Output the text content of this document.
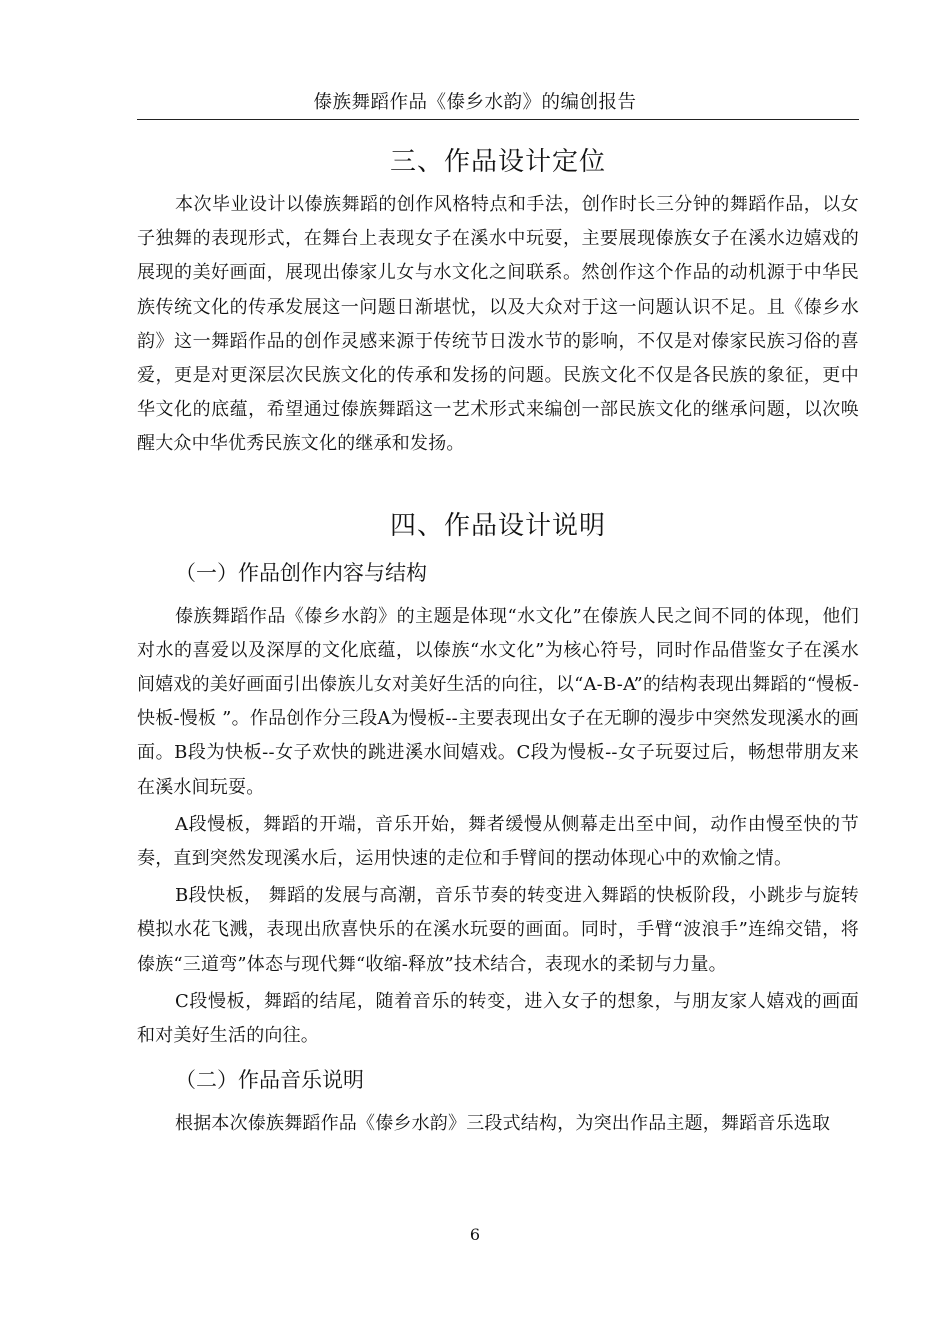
傣族舞蹈作品《傣乡水韵》的编创报告
三、作品设计定位

本次毕业设计以傣族舞蹈的创作风格特点和手法，创作时长三分钟的舞蹈作品，以女子独舞的表现形式，在舞台上表现女子在溪水中玩耍，主要展现傣族女子在溪水边嬉戏的展现的美好画面，展现出傣家儿女与水文化之间联系。然创作这个作品的动机源于中华民族传统文化的传承发展这一问题日渐堪忧，以及大众对于这一问题认识不足。且《傣乡水韵》这一舞蹈作品的创作灵感来源于传统节日泼水节的影响，不仅是对傣家民族习俗的喜爱，更是对更深层次民族文化的传承和发扬的问题。民族文化不仅是各民族的象征，更中华文化的底蕴，希望通过傣族舞蹈这一艺术形式来编创一部民族文化的继承问题，以次唤醒大众中华优秀民族文化的继承和发扬。

四、作品设计说明
（一）作品创作内容与结构

傣族舞蹈作品《傣乡水韵》的主题是体现“水文化”在傣族人民之间不同的体现，他们对水的喜爱以及深厚的文化底蕴，以傣族“水文化”为核心符号，同时作品借鉴女子在溪水间嬉戏的美好画面引出傣族儿女对美好生活的向往，以“A-B-A”的结构表现出舞蹈的“慢板-快板-慢板 ”。作品创作分三段A为慢板--主要表现出女子在无聊的漫步中突然发现溪水的画面。B段为快板--女子欢快的跳进溪水间嬉戏。C段为慢板--女子玩耍过后，畅想带朋友来在溪水间玩耍。

A段慢板，舞蹈的开端，音乐开始，舞者缓慢从侧幕走出至中间，动作由慢至快的节奏，直到突然发现溪水后，运用快速的走位和手臂间的摆动体现心中的欢愉之情。

B段快板， 舞蹈的发展与高潮，音乐节奏的转变进入舞蹈的快板阶段，小跳步与旋转模拟水花飞溅，表现出欣喜快乐的在溪水玩耍的画面。同时，手臂“波浪手”连绵交错，将傣族“三道弯”体态与现代舞“收缩-释放”技术结合，表现水的柔韧与力量。

C段慢板，舞蹈的结尾，随着音乐的转变，进入女子的想象，与朋友家人嬉戏的画面和对美好生活的向往。

（二）作品音乐说明

根据本次傣族舞蹈作品《傣乡水韵》三段式结构，为突出作品主题，舞蹈音乐选取

6
